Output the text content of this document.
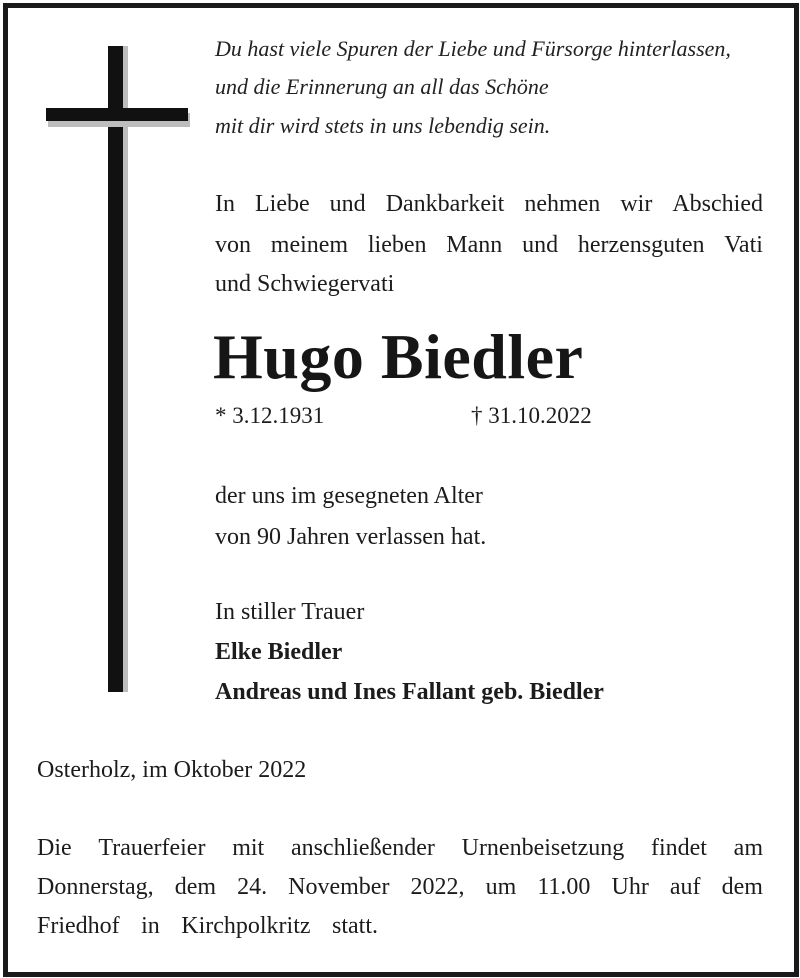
Du hast viele Spuren der Liebe und Fürsorge hinterlassen,
und die Erinnerung an all das Schöne
mit dir wird stets in uns lebendig sein.
In Liebe und Dankbarkeit nehmen wir Abschied
von meinem lieben Mann und herzensguten Vati
und Schwiegervati
Hugo Biedler
* 3.12.1931	† 31.10.2022
der uns im gesegneten Alter
von 90 Jahren verlassen hat.
In stiller Trauer
Elke Biedler
Andreas und Ines Fallant geb. Biedler
Osterholz, im Oktober 2022
Die Trauerfeier mit anschließender Urnenbeisetzung findet am
Donnerstag, dem 24. November 2022, um 11.00 Uhr auf dem
Friedhof in Kirchpolkritz statt.
